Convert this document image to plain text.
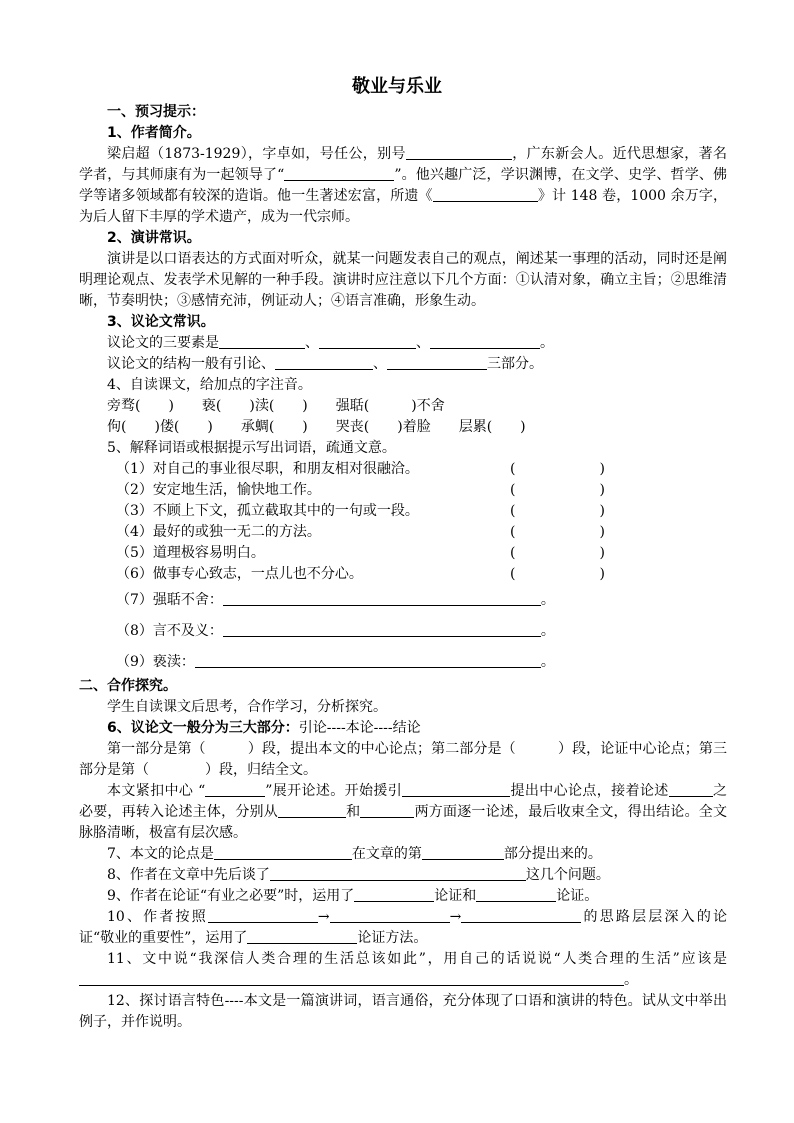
敬业与乐业
一、预习提示：
1、作者简介。
梁启超（1873-1929），字卓如，号任公，别号	，广东新会人。近代思想家，著名学者，与其师康有为一起领导了“	”。他兴趣广泛，学识渊博，在文学、史学、哲学、佛学等诸多领域都有较深的造诣。他一生著述宏富，所遗《	》计 148 卷，1000 余万字，为后人留下丰厚的学术遗产，成为一代宗师。
2、演讲常识。
演讲是以口语表达的方式面对听众，就某一问题发表自己的观点，阐述某一事理的活动，同时还是阐明理论观点、发表学术见解的一种手段。演讲时应注意以下几个方面：①认清对象，确立主旨；②思维清晰，节奏明快；③感情充沛，例证动人；④语言准确，形象生动。
3、议论文常识。
议论文的三要素是	、	、	。
议论文的结构一般有引论、	、	三部分。
4、自读课文，给加点的字注音。
旁骛(　　)　　亵(　　)渎(　　)　　强聒(　　　)不舍
佝(　　)偻(　　)　　承蜩(　　)　　哭丧(　　)着脸　　层累(　　)
5、解释词语或根据提示写出词语，疏通文意。
（1）对自己的事业很尽职，和朋友相对很融洽。	(　　　　　　)
（2）安定地生活，愉快地工作。	(　　　　　　)
（3）不顾上下文，孤立截取其中的一句或一段。	(　　　　　　)
（4）最好的或独一无二的方法。	(　　　　　　)
（5）道理极容易明白。	(　　　　　　)
（6）做事专心致志，一点儿也不分心。	(　　　　　　)
（7）强聒不舍：	。
（8）言不及义：	。
（9）亵渎：	。
二、合作探究。
学生自读课文后思考，合作学习，分析探究。
6、议论文一般分为三大部分：引论----本论----结论
第一部分是第（　　　）段，提出本文的中心论点；第二部分是（　　　）段，论证中心论点；第三部分是第（　　　　）段，归结全文。
本文紧扣中心 “	”展开论述。开始援引	提出中心论点，接着论述	之必要，再转入论述主体，分别从	和	两方面逐一论述，最后收束全文，得出结论。全文脉胳清晰，极富有层次感。
7、本文的论点是	在文章的第	部分提出来的。
8、作者在文章中先后谈了	这几个问题。
9、作者在论证“有业之必要”时，运用了	论证和	论证。
10、作者按照	→	→	的思路层层深入的论证“敬业的重要性”，运用了	论证方法。
11、文中说“我深信人类合理的生活总该如此”，用自己的话说说“人类合理的生活”应该是。
12、探讨语言特色----本文是一篇演讲词，语言通俗，充分体现了口语和演讲的特色。试从文中举出例子，并作说明。
